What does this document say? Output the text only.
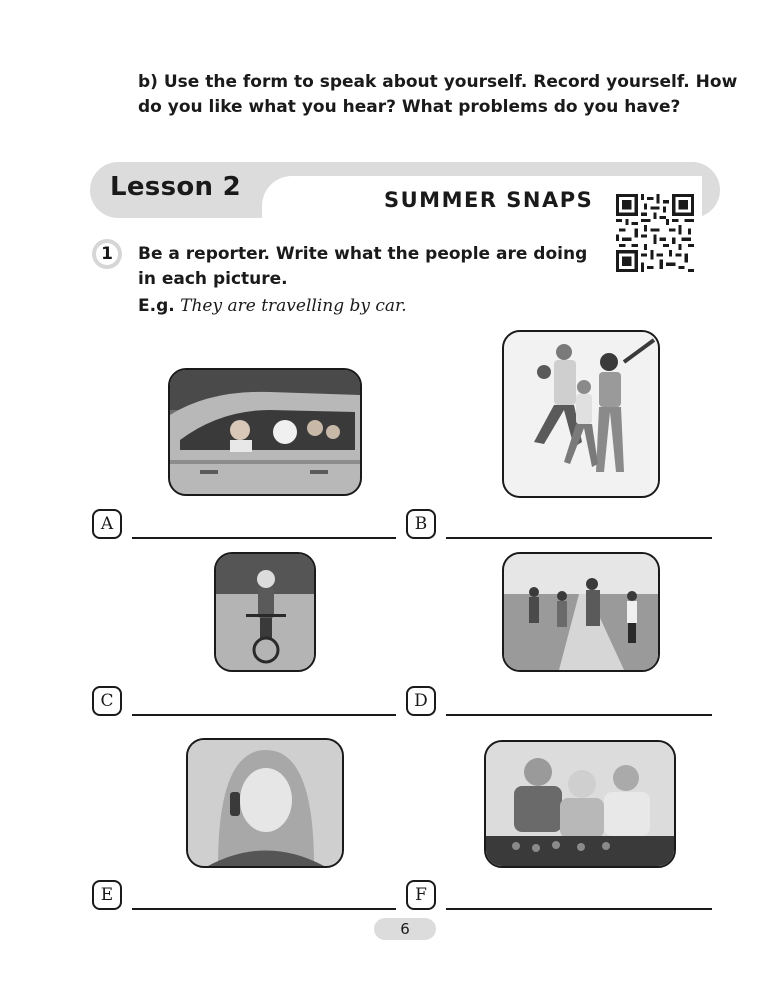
b) Use the form to speak about yourself. Record yourself. How do you like what you hear? What problems do you have?
Lesson 2	SUMMER SNAPS
1 Be a reporter. Write what the people are doing in each picture.
E.g. They are travelling by car.
A	B
C	D
E	F
6
